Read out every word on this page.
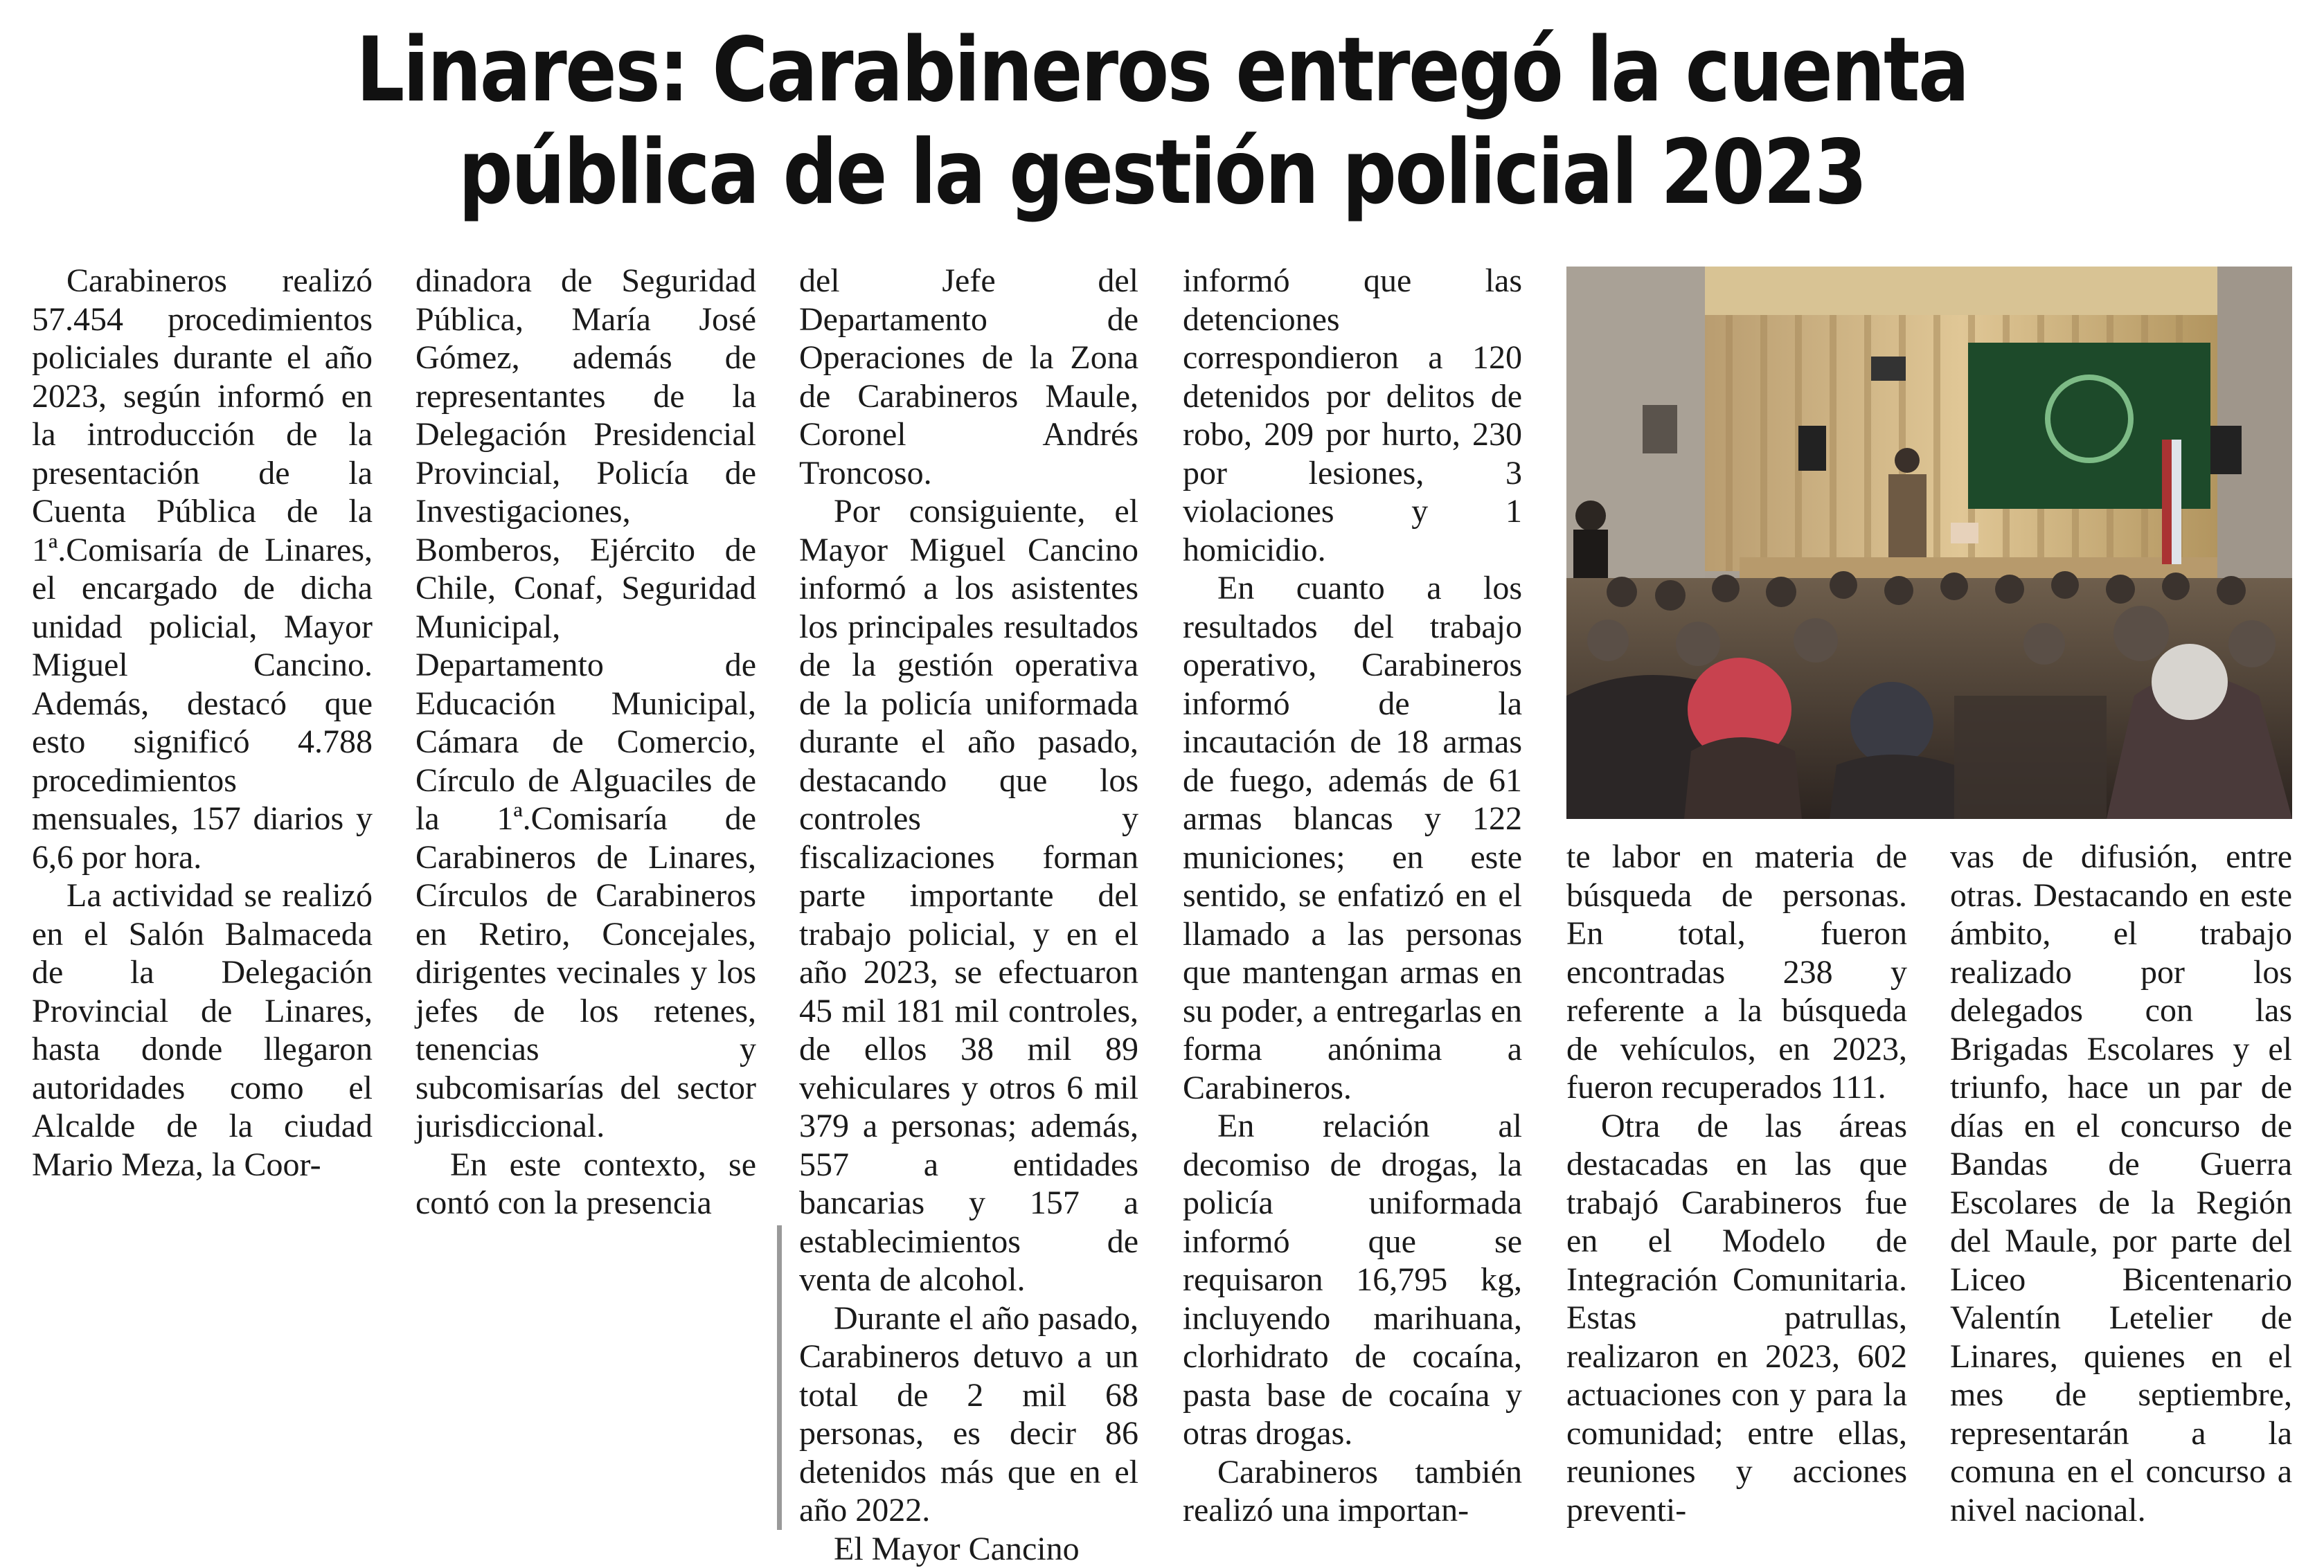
Linares: Carabineros entregó la cuenta
pública de la gestión policial 2023

Carabineros realizó 57.454 procedimientos policiales durante el año 2023, según informó en la introducción de la presentación de la Cuenta Pública de la 1ª.Comisaría de Linares, el encargado de dicha unidad policial, Mayor Miguel Cancino. Además, destacó que esto significó 4.788 procedimientos mensuales, 157 diarios y 6,6 por hora.

La actividad se realizó en el Salón Balmaceda de la Delegación Provincial de Linares, hasta donde llegaron autoridades como el Alcalde de la ciudad Mario Meza, la Coor-

dinadora de Seguridad Pública, María José Gómez, además de representantes de la Delegación Presidencial Provincial, Policía de Investigaciones, Bomberos, Ejército de Chile, Conaf, Seguridad Municipal, Departamento de Educación Municipal, Cámara de Comercio, Círculo de Alguaciles de la 1ª.Comisaría de Carabineros de Linares, Círculos de Carabineros en Retiro, Concejales, dirigentes vecinales y los jefes de los retenes, tenencias y subcomisarías del sector jurisdiccional.

En este contexto, se contó con la presencia

del Jefe del Departamento de Operaciones de la Zona de Carabineros Maule, Coronel Andrés Troncoso.

Por consiguiente, el Mayor Miguel Cancino informó a los asistentes los principales resultados de la gestión operativa de la policía uniformada durante el año pasado, destacando que los controles y fiscalizaciones forman parte importante del trabajo policial, y en el año 2023, se efectuaron 45 mil 181 mil controles, de ellos 38 mil 89 vehiculares y otros 6 mil 379 a personas; además, 557 a entidades bancarias y 157 a establecimientos de venta de alcohol.

Durante el año pasado, Carabineros detuvo a un total de 2 mil 68 personas, es decir 86 detenidos más que en el año 2022.

El Mayor Cancino

informó que las detenciones correspondieron a 120 detenidos por delitos de robo, 209 por hurto, 230 por lesiones, 3 violaciones y 1 homicidio.

En cuanto a los resultados del trabajo operativo, Carabineros informó de la incautación de 18 armas de fuego, además de 61 armas blancas y 122 municiones; en este sentido, se enfatizó en el llamado a las personas que mantengan armas en su poder, a entregarlas en forma anónima a Carabineros.

En relación al decomiso de drogas, la policía uniformada informó que se requisaron 16,795 kg, incluyendo marihuana, clorhidrato de cocaína, pasta base de cocaína y otras drogas.

Carabineros también realizó una importan-

te labor en materia de búsqueda de personas. En total, fueron encontradas 238 y referente a la búsqueda de vehículos, en 2023, fueron recuperados 111.

Otra de las áreas destacadas en las que trabajó Carabineros fue en el Modelo de Integración Comunitaria. Estas patrullas, realizaron en 2023, 602 actuaciones con y para la comunidad; entre ellas, reuniones y acciones preventi-

vas de difusión, entre otras. Destacando en este ámbito, el trabajo realizado por los delegados con las Brigadas Escolares y el triunfo, hace un par de días en el concurso de Bandas de Guerra Escolares de la Región del Maule, por parte del Liceo Bicentenario Valentín Letelier de Linares, quienes en el mes de septiembre, representarán a la comuna en el concurso a nivel nacional.
